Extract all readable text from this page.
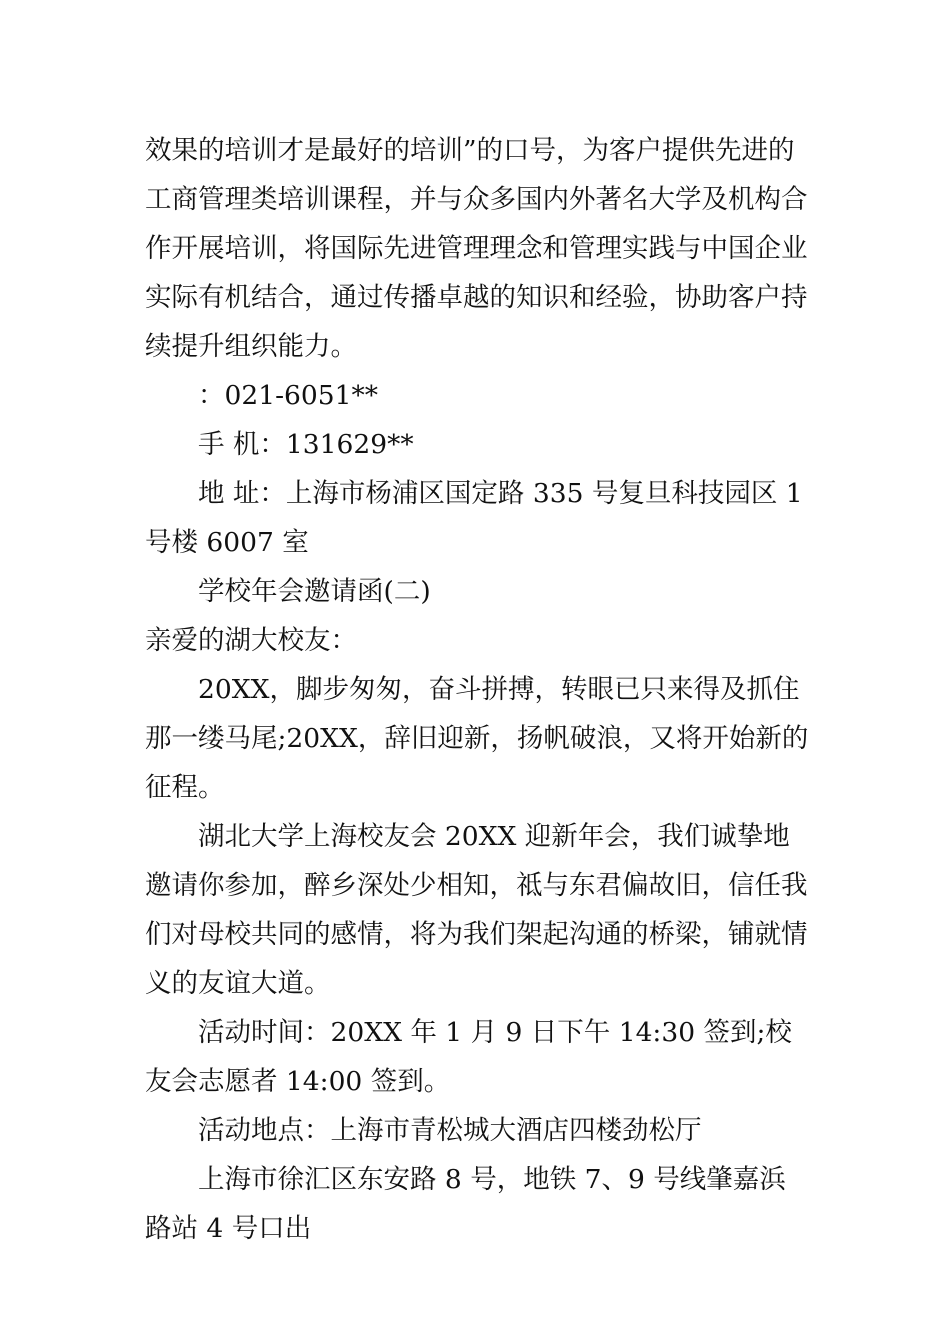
效果的培训才是最好的培训”的口号，为客户提供先进的工商管理类培训课程，并与众多国内外著名大学及机构合作开展培训，将国际先进管理理念和管理实践与中国企业实际有机结合，通过传播卓越的知识和经验，协助客户持续提升组织能力。

：021-6051**

手 机：131629**

地 址：上海市杨浦区国定路 335 号复旦科技园区 1 号楼 6007 室

学校年会邀请函(二)

亲爱的湖大校友：

20XX，脚步匆匆，奋斗拼搏，转眼已只来得及抓住那一缕马尾;20XX，辞旧迎新，扬帆破浪，又将开始新的征程。

湖北大学上海校友会 20XX 迎新年会，我们诚挚地邀请你参加，醉乡深处少相知，祗与东君偏故旧，信任我们对母校共同的感情，将为我们架起沟通的桥梁，铺就情义的友谊大道。

活动时间：20XX 年 1 月 9 日下午 14:30 签到;校友会志愿者 14:00 签到。

活动地点：上海市青松城大酒店四楼劲松厅

上海市徐汇区东安路 8 号，地铁 7、9 号线肇嘉浜路站 4 号口出
